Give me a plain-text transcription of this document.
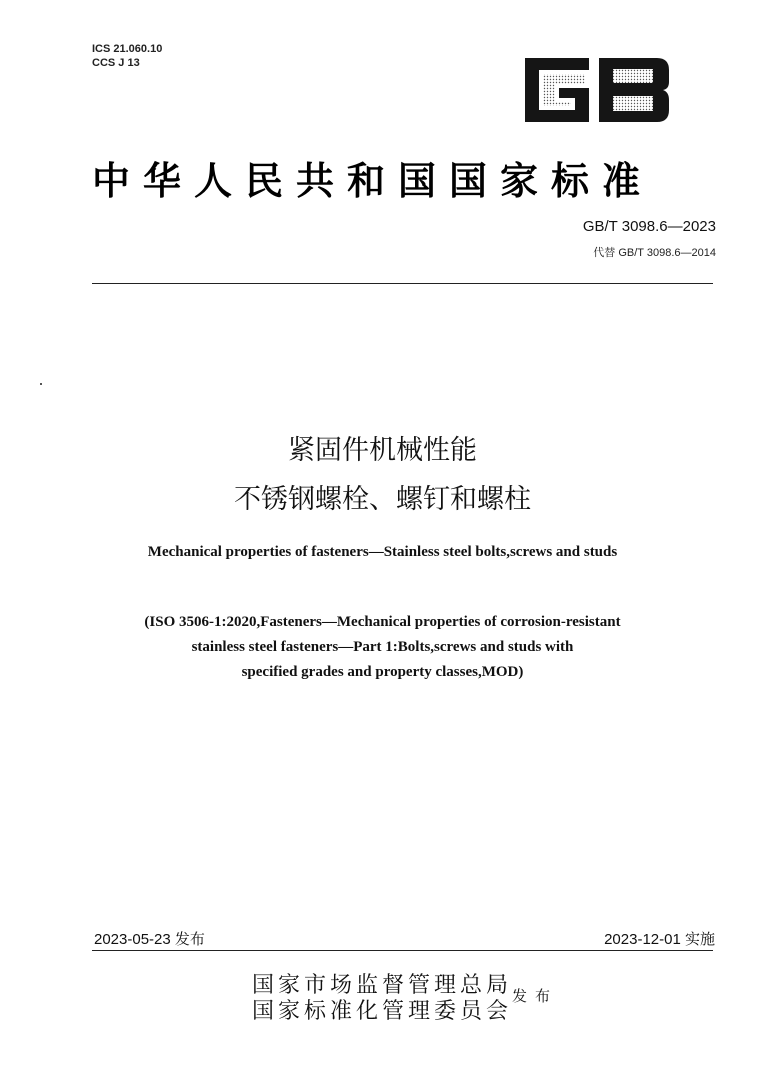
ICS 21.060.10
CCS J 13
中华人民共和国国家标准
GB/T 3098.6—2023
代替 GB/T 3098.6—2014
紧固件机械性能
不锈钢螺栓、螺钉和螺柱
Mechanical properties of fasteners—Stainless steel bolts,screws and studs
(ISO 3506-1:2020,Fasteners—Mechanical properties of corrosion-resistant
stainless steel fasteners—Part 1:Bolts,screws and studs with
specified grades and property classes,MOD)
2023-05-23 发布	2023-12-01 实施
国家市场监督管理总局
国家标准化管理委员会
发布
